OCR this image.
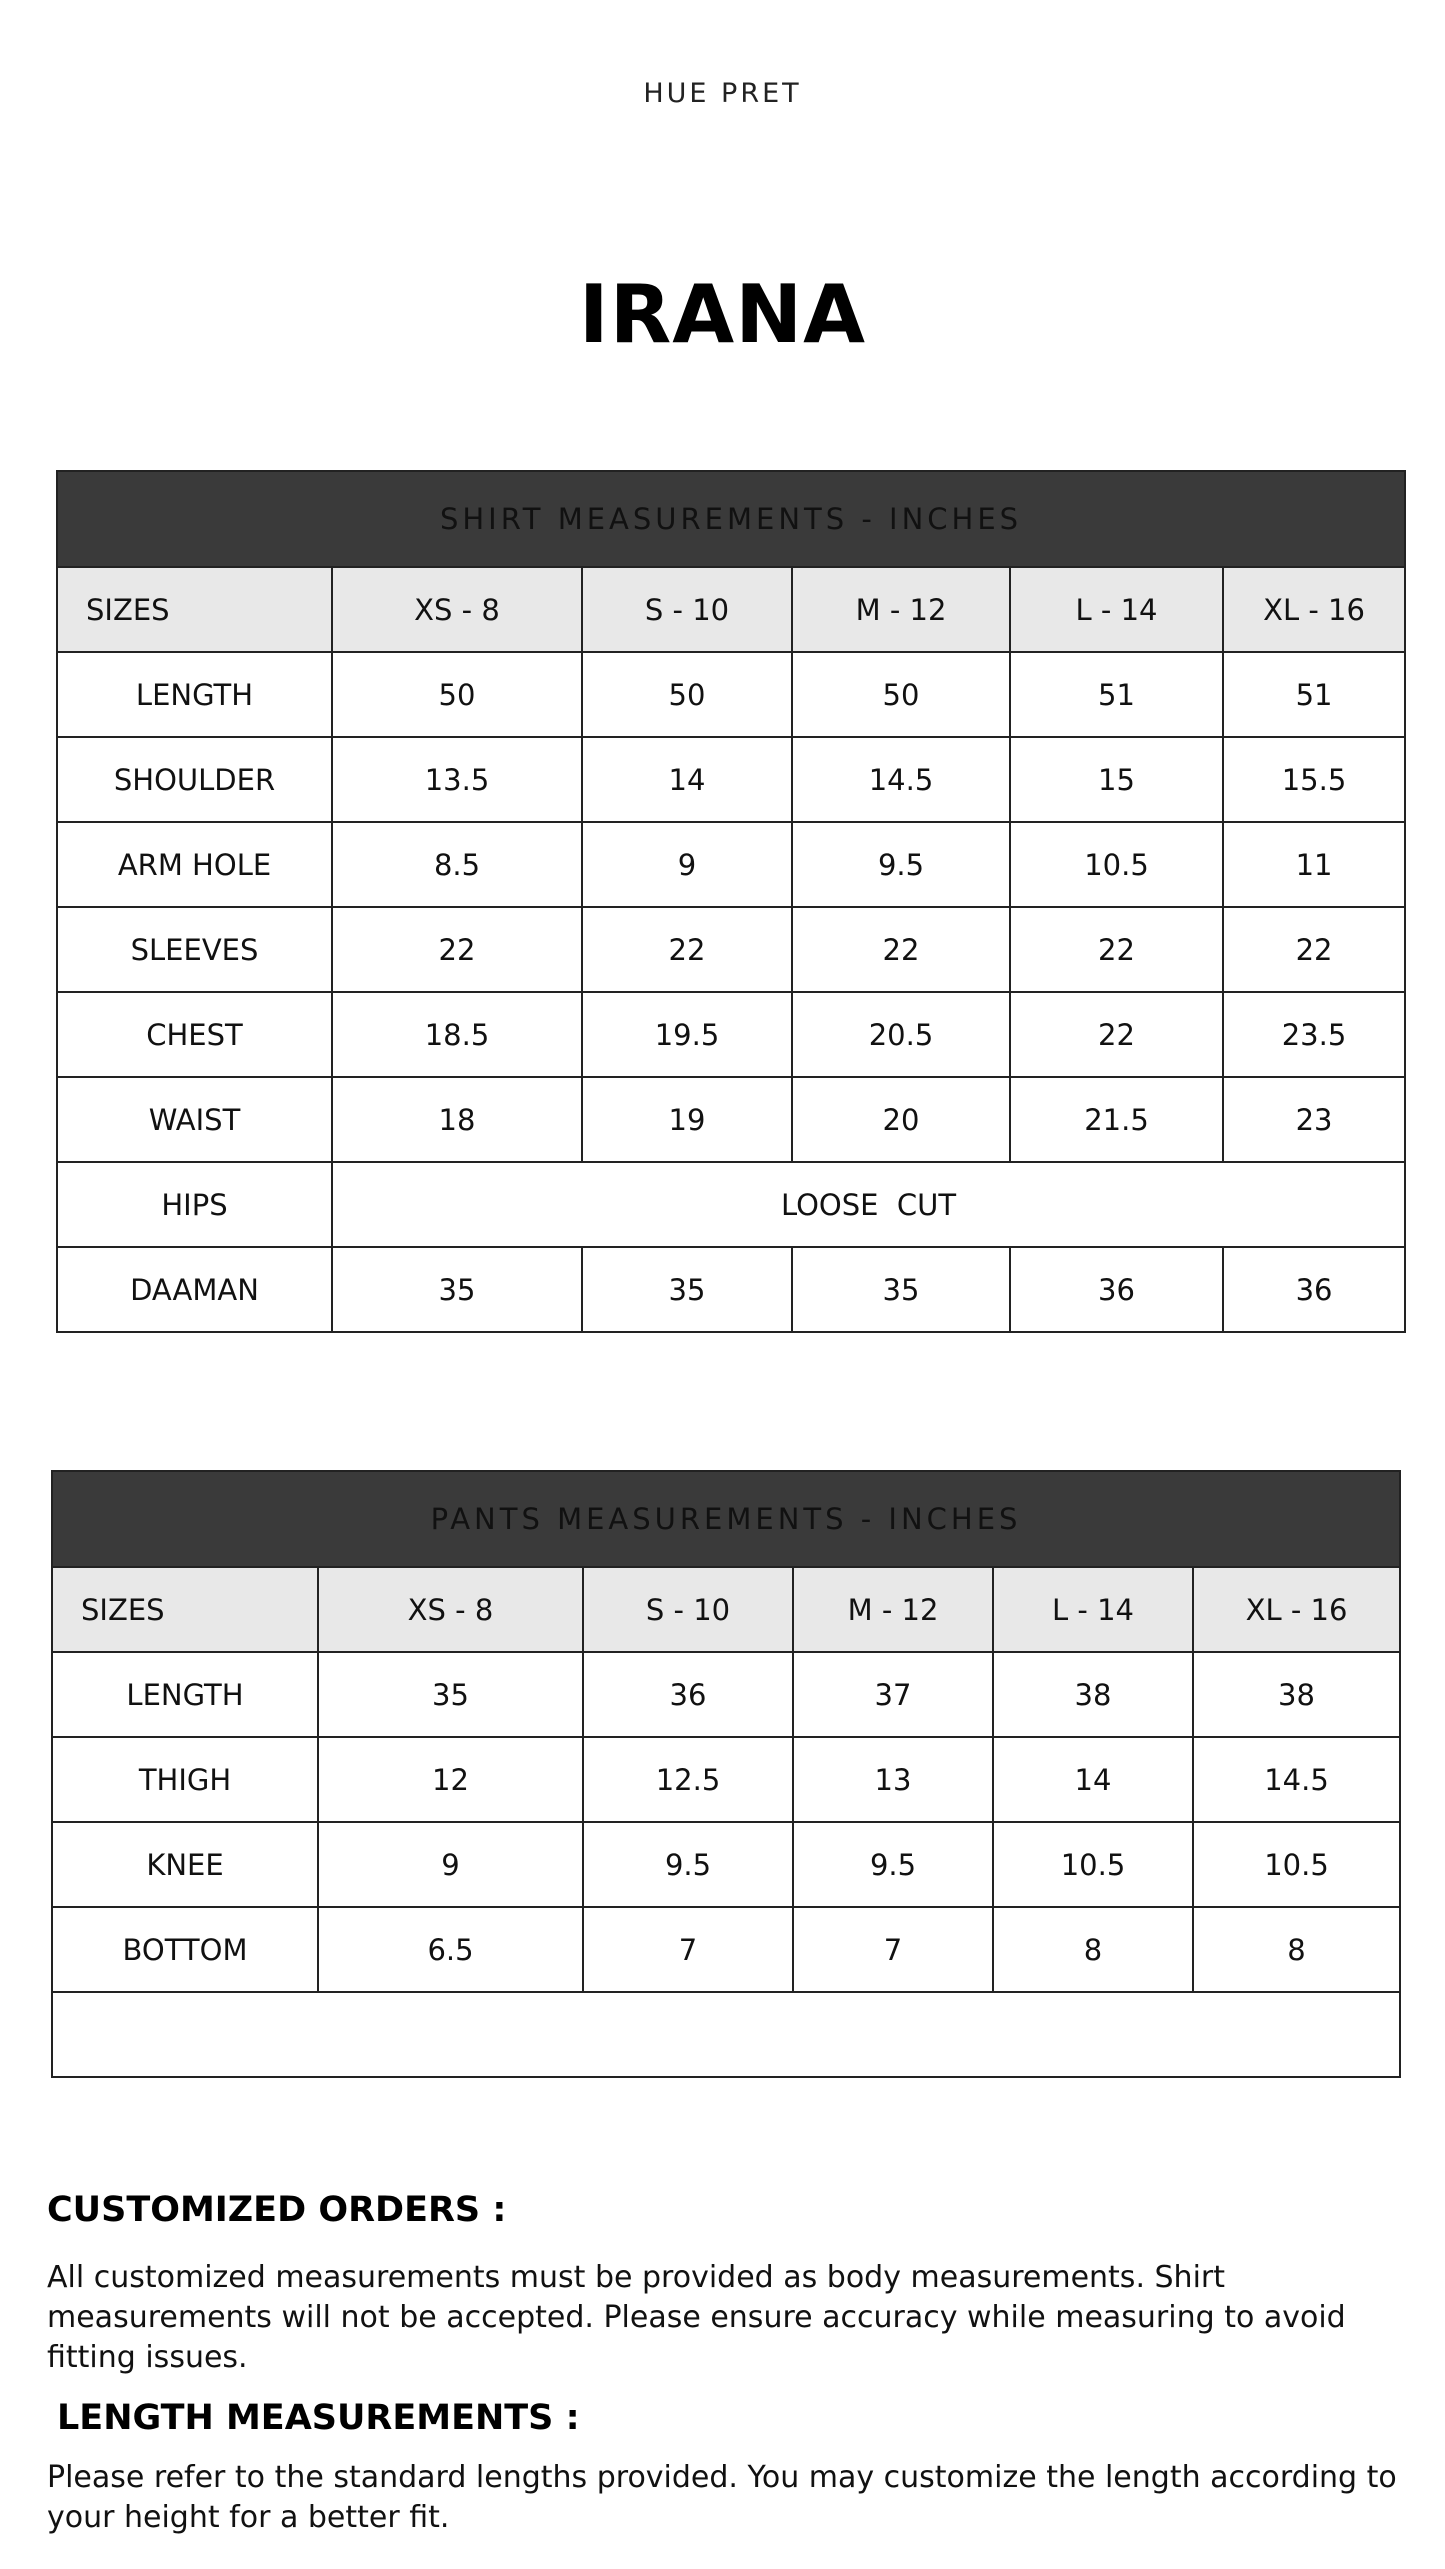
HUE PRET
IRANA
SHIRT MEASUREMENTS - INCHES					
SIZES	XS - 8	S - 10	M - 12	L - 14	XL - 16
LENGTH	50	50	50	51	51
SHOULDER	13.5	14	14.5	15	15.5
ARM HOLE	8.5	9	9.5	10.5	11
SLEEVES	22	22	22	22	22
CHEST	18.5	19.5	20.5	22	23.5
WAIST	18	19	20	21.5	23
HIPS	LOOSE  CUT				
DAAMAN	35	35	35	36	36
PANTS MEASUREMENTS - INCHES					
SIZES	XS - 8	S - 10	M - 12	L - 14	XL - 16
LENGTH	35	36	37	38	38
THIGH	12	12.5	13	14	14.5
KNEE	9	9.5	9.5	10.5	10.5
BOTTOM	6.5	7	7	8	8

CUSTOMIZED ORDERS :
All customized measurements must be provided as body measurements. Shirt measurements will not be accepted. Please ensure accuracy while measuring to avoid fitting issues.
LENGTH MEASUREMENTS :
Please refer to the standard lengths provided. You may customize the length according to your height for a better fit.
